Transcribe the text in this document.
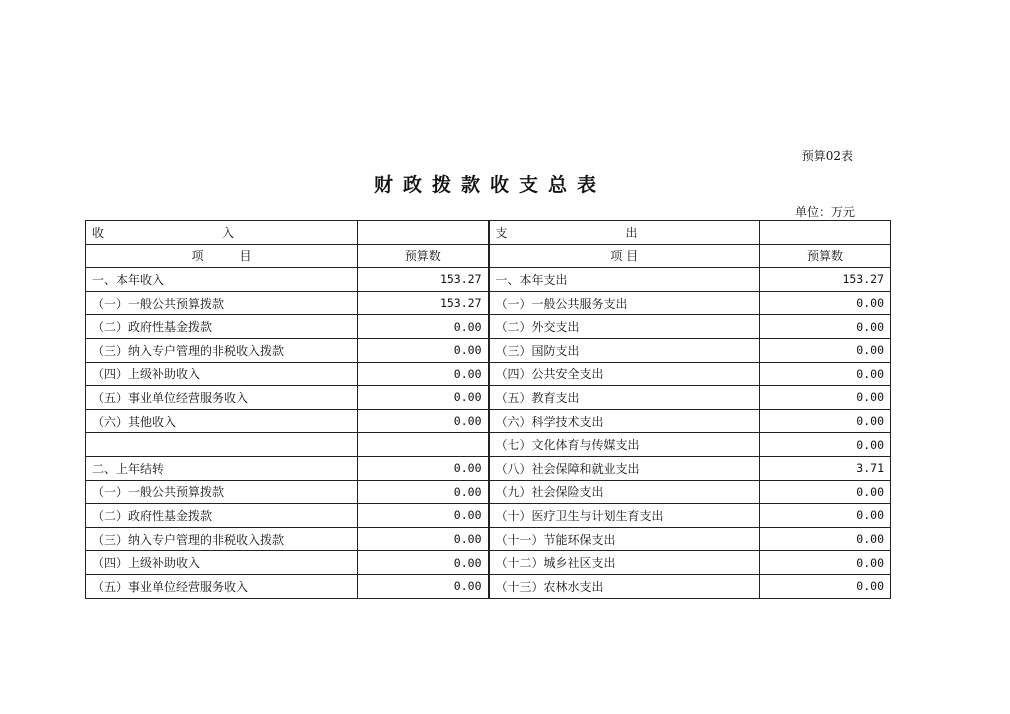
预算02表
财政拨款收支总表
单位：万元
收 入		支 出	
项　　　目	预算数	项 目	预算数
一、本年收入	153.27	一、本年支出	153.27
（一）一般公共预算拨款	153.27	（一）一般公共服务支出	0.00
（二）政府性基金拨款	0.00	（二）外交支出	0.00
（三）纳入专户管理的非税收入拨款	0.00	（三）国防支出	0.00
（四）上级补助收入	0.00	（四）公共安全支出	0.00
（五）事业单位经营服务收入	0.00	（五）教育支出	0.00
（六）其他收入	0.00	（六）科学技术支出	0.00
		（七）文化体育与传媒支出	0.00
二、上年结转	0.00	（八）社会保障和就业支出	3.71
（一）一般公共预算拨款	0.00	（九）社会保险支出	0.00
（二）政府性基金拨款	0.00	（十）医疗卫生与计划生育支出	0.00
（三）纳入专户管理的非税收入拨款	0.00	（十一）节能环保支出	0.00
（四）上级补助收入	0.00	（十二）城乡社区支出	0.00
（五）事业单位经营服务收入	0.00	（十三）农林水支出	0.00
